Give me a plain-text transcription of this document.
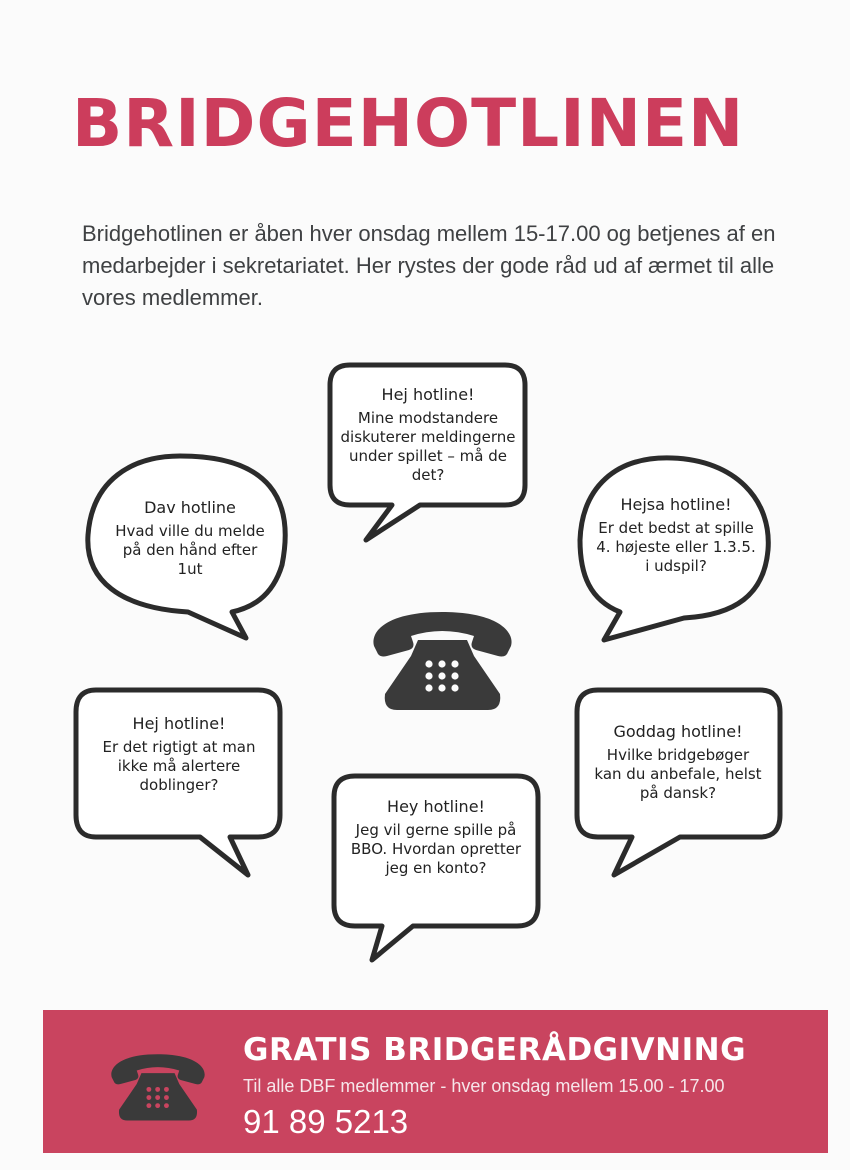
BRIDGEHOTLINEN

Bridgehotlinen er åben hver onsdag mellem 15-17.00 og betjenes af en medarbejder i sekretariatet. Her rystes der gode råd ud af ærmet til alle vores medlemmer.

Hej hotline!
Mine modstandere diskuterer meldingerne under spillet – må de det?
Dav hotline
Hvad ville du melde på den hånd efter 1ut
Hejsa hotline!
Er det bedst at spille 4. højeste eller 1.3.5. i udspil?
Hej hotline!
Er det rigtigt at man ikke må alertere doblinger?
Hey hotline!
Jeg vil gerne spille på BBO. Hvordan opretter jeg en konto?
Goddag hotline!
Hvilke bridgebøger kan du anbefale, helst på dansk?
GRATIS BRIDGERÅDGIVNING
Til alle DBF medlemmer - hver onsdag mellem 15.00 - 17.00
91 89 5213
